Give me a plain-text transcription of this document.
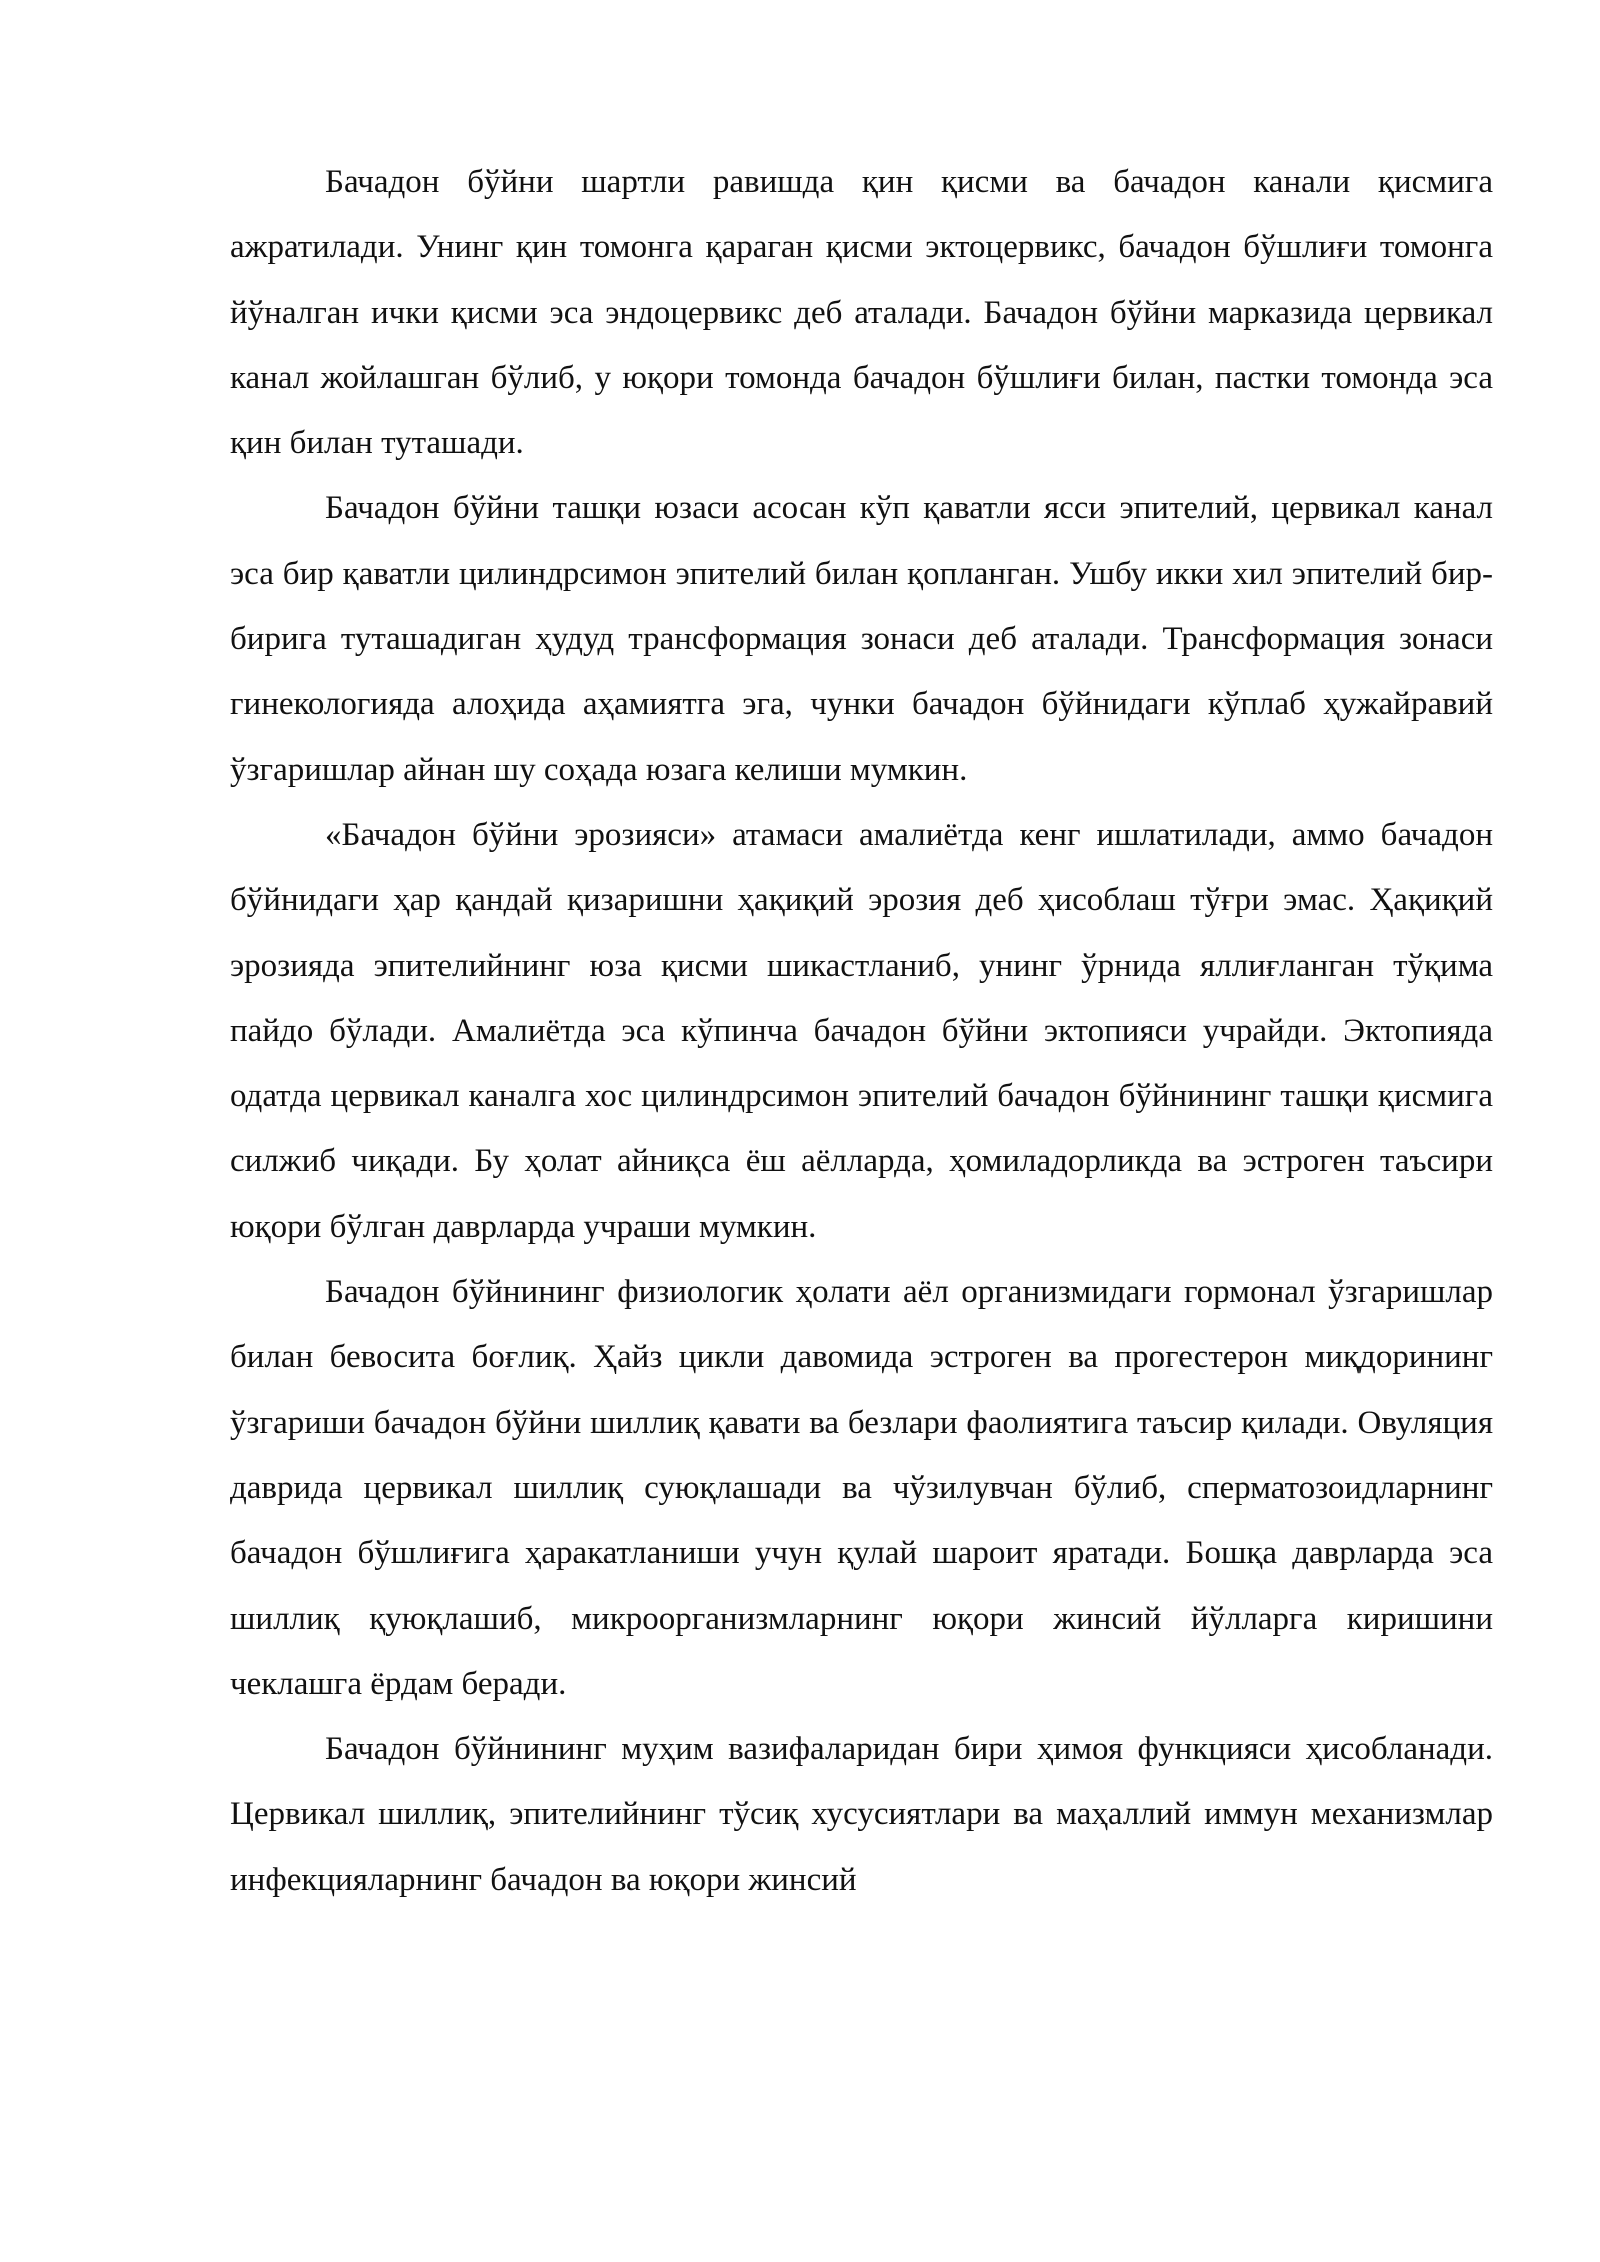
Бачадон бўйни шартли равишда қин қисми ва бачадон канали қисмига ажратилади. Унинг қин томонга қараган қисми эктоцервикс, бачадон бўшлиғи томонга йўналган ички қисми эса эндоцервикс деб аталади. Бачадон бўйни марказида цервикал канал жойлашган бўлиб, у юқори томонда бачадон бўшлиғи билан, пастки томонда эса қин билан туташади.

Бачадон бўйни ташқи юзаси асосан кўп қаватли ясси эпителий, цервикал канал эса бир қаватли цилиндрсимон эпителий билан қопланган. Ушбу икки хил эпителий бир-бирига туташадиган ҳудуд трансформация зонаси деб аталади. Трансформация зонаси гинекологияда алоҳида аҳамиятга эга, чунки бачадон бўйнидаги кўплаб ҳужайравий ўзгаришлар айнан шу соҳада юзага келиши мумкин.

«Бачадон бўйни эрозияси» атамаси амалиётда кенг ишлатилади, аммо бачадон бўйнидаги ҳар қандай қизаришни ҳақиқий эрозия деб ҳисоблаш тўғри эмас. Ҳақиқий эрозияда эпителийнинг юза қисми шикастланиб, унинг ўрнида яллиғланган тўқима пайдо бўлади. Амалиётда эса кўпинча бачадон бўйни эктопияси учрайди. Эктопияда одатда цервикал каналга хос цилиндрсимон эпителий бачадон бўйнининг ташқи қисмига силжиб чиқади. Бу ҳолат айниқса ёш аёлларда, ҳомиладорликда ва эстроген таъсири юқори бўлган даврларда учраши мумкин.

Бачадон бўйнининг физиологик ҳолати аёл организмидаги гормонал ўзгаришлар билан бевосита боғлиқ. Ҳайз цикли давомида эстроген ва прогестерон миқдорининг ўзгариши бачадон бўйни шиллиқ қавати ва безлари фаолиятига таъсир қилади. Овуляция даврида цервикал шиллиқ суюқлашади ва чўзилувчан бўлиб, сперматозоидларнинг бачадон бўшлиғига ҳаракатланиши учун қулай шароит яратади. Бошқа даврларда эса шиллиқ қуюқлашиб, микроорганизмларнинг юқори жинсий йўлларга киришини чеклашга ёрдам беради.

Бачадон бўйнининг муҳим вазифаларидан бири ҳимоя функцияси ҳисобланади. Цервикал шиллиқ, эпителийнинг тўсиқ хусусиятлари ва маҳаллий иммун механизмлар инфекцияларнинг бачадон ва юқори жинсий
